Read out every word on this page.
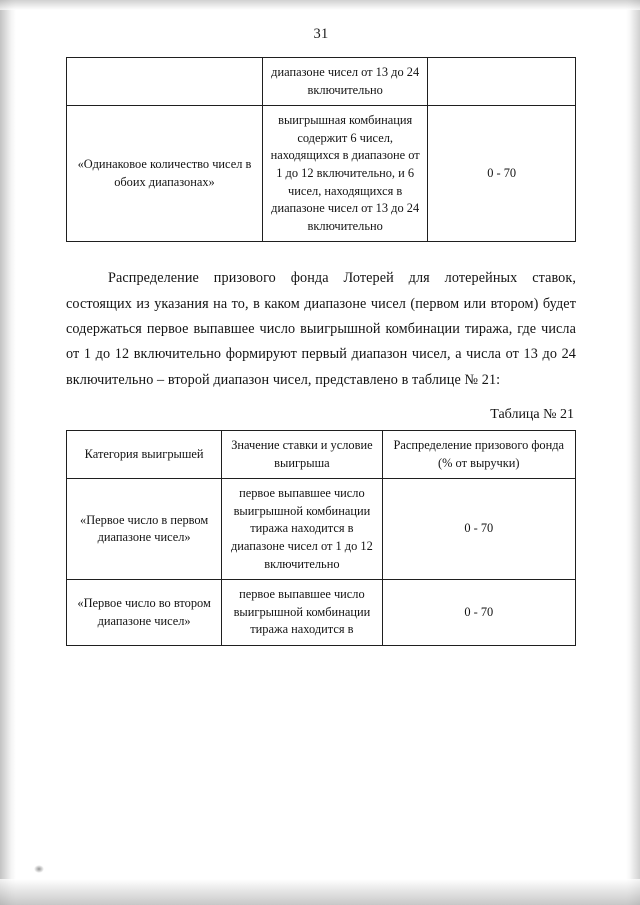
31
	диапазоне чисел от 13 до 24 включительно	
«Одинаковое количество чисел в обоих диапазонах»	выигрышная комбинация содержит 6 чисел, находящихся в диапазоне от 1 до 12 включительно, и 6 чисел, находящихся в диапазоне чисел от 13 до 24 включительно	0 - 70

Распределение призового фонда Лотерей для лотерейных ставок, состоящих из указания на то, в каком диапазоне чисел (первом или втором) будет содержаться первое выпавшее число выигрышной комбинации тиража, где числа от 1 до 12 включительно формируют первый диапазон чисел, а числа от 13 до 24 включительно – второй диапазон чисел, представлено в таблице № 21:

Таблица № 21
Категория выигрышей	Значение ставки и условие выигрыша	Распределение призового фонда (% от выручки)
«Первое число в первом диапазоне чисел»	первое выпавшее число выигрышной комбинации тиража находится в диапазоне чисел от 1 до 12 включительно	0 - 70
«Первое число во втором диапазоне чисел»	первое выпавшее число выигрышной комбинации тиража находится в	0 - 70
